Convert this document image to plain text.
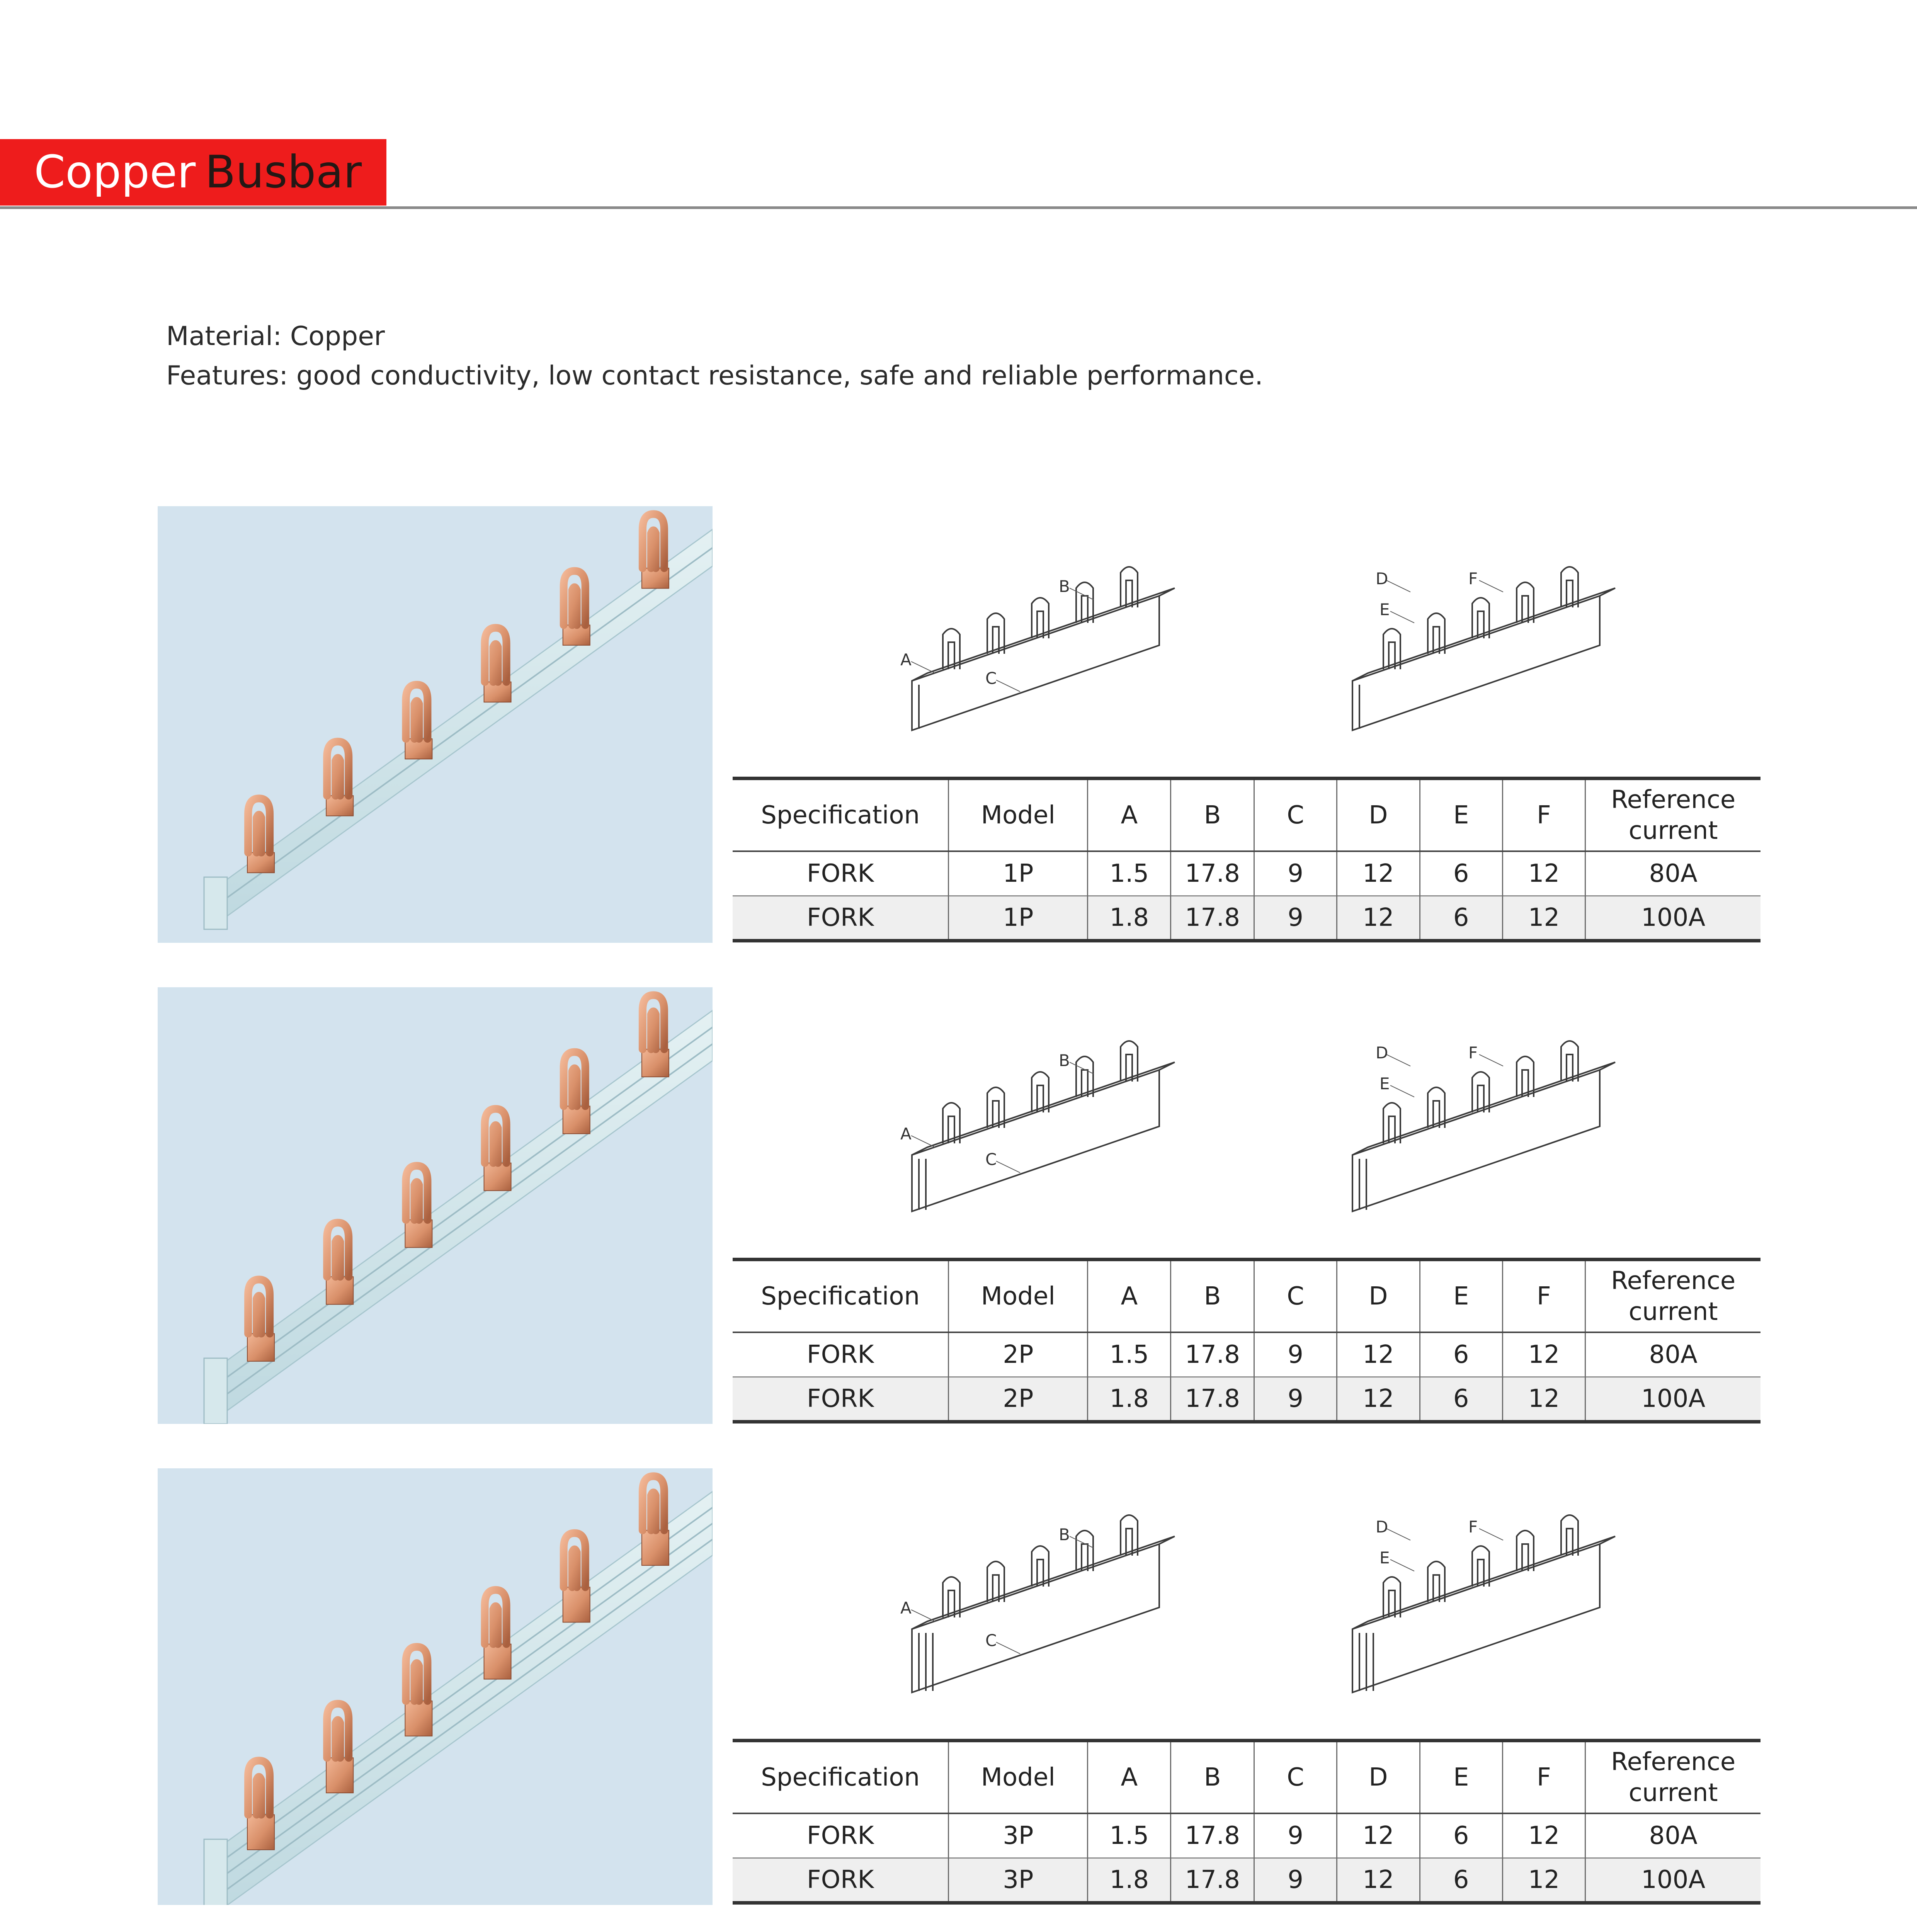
Copper Busbar
Material: Copper
Features: good conductivity, low contact resistance, safe and reliable performance.
A
B
C
D
E
F
Specification	Model	A	B	C	D	E	F	Reference
current
FORK	1P	1.5	17.8	9	12	6	12	80A
FORK	1P	1.8	17.8	9	12	6	12	100A
A
B
C
D
E
F
Specification	Model	A	B	C	D	E	F	Reference
current
FORK	2P	1.5	17.8	9	12	6	12	80A
FORK	2P	1.8	17.8	9	12	6	12	100A
A
B
C
D
E
F
Specification	Model	A	B	C	D	E	F	Reference
current
FORK	3P	1.5	17.8	9	12	6	12	80A
FORK	3P	1.8	17.8	9	12	6	12	100A
